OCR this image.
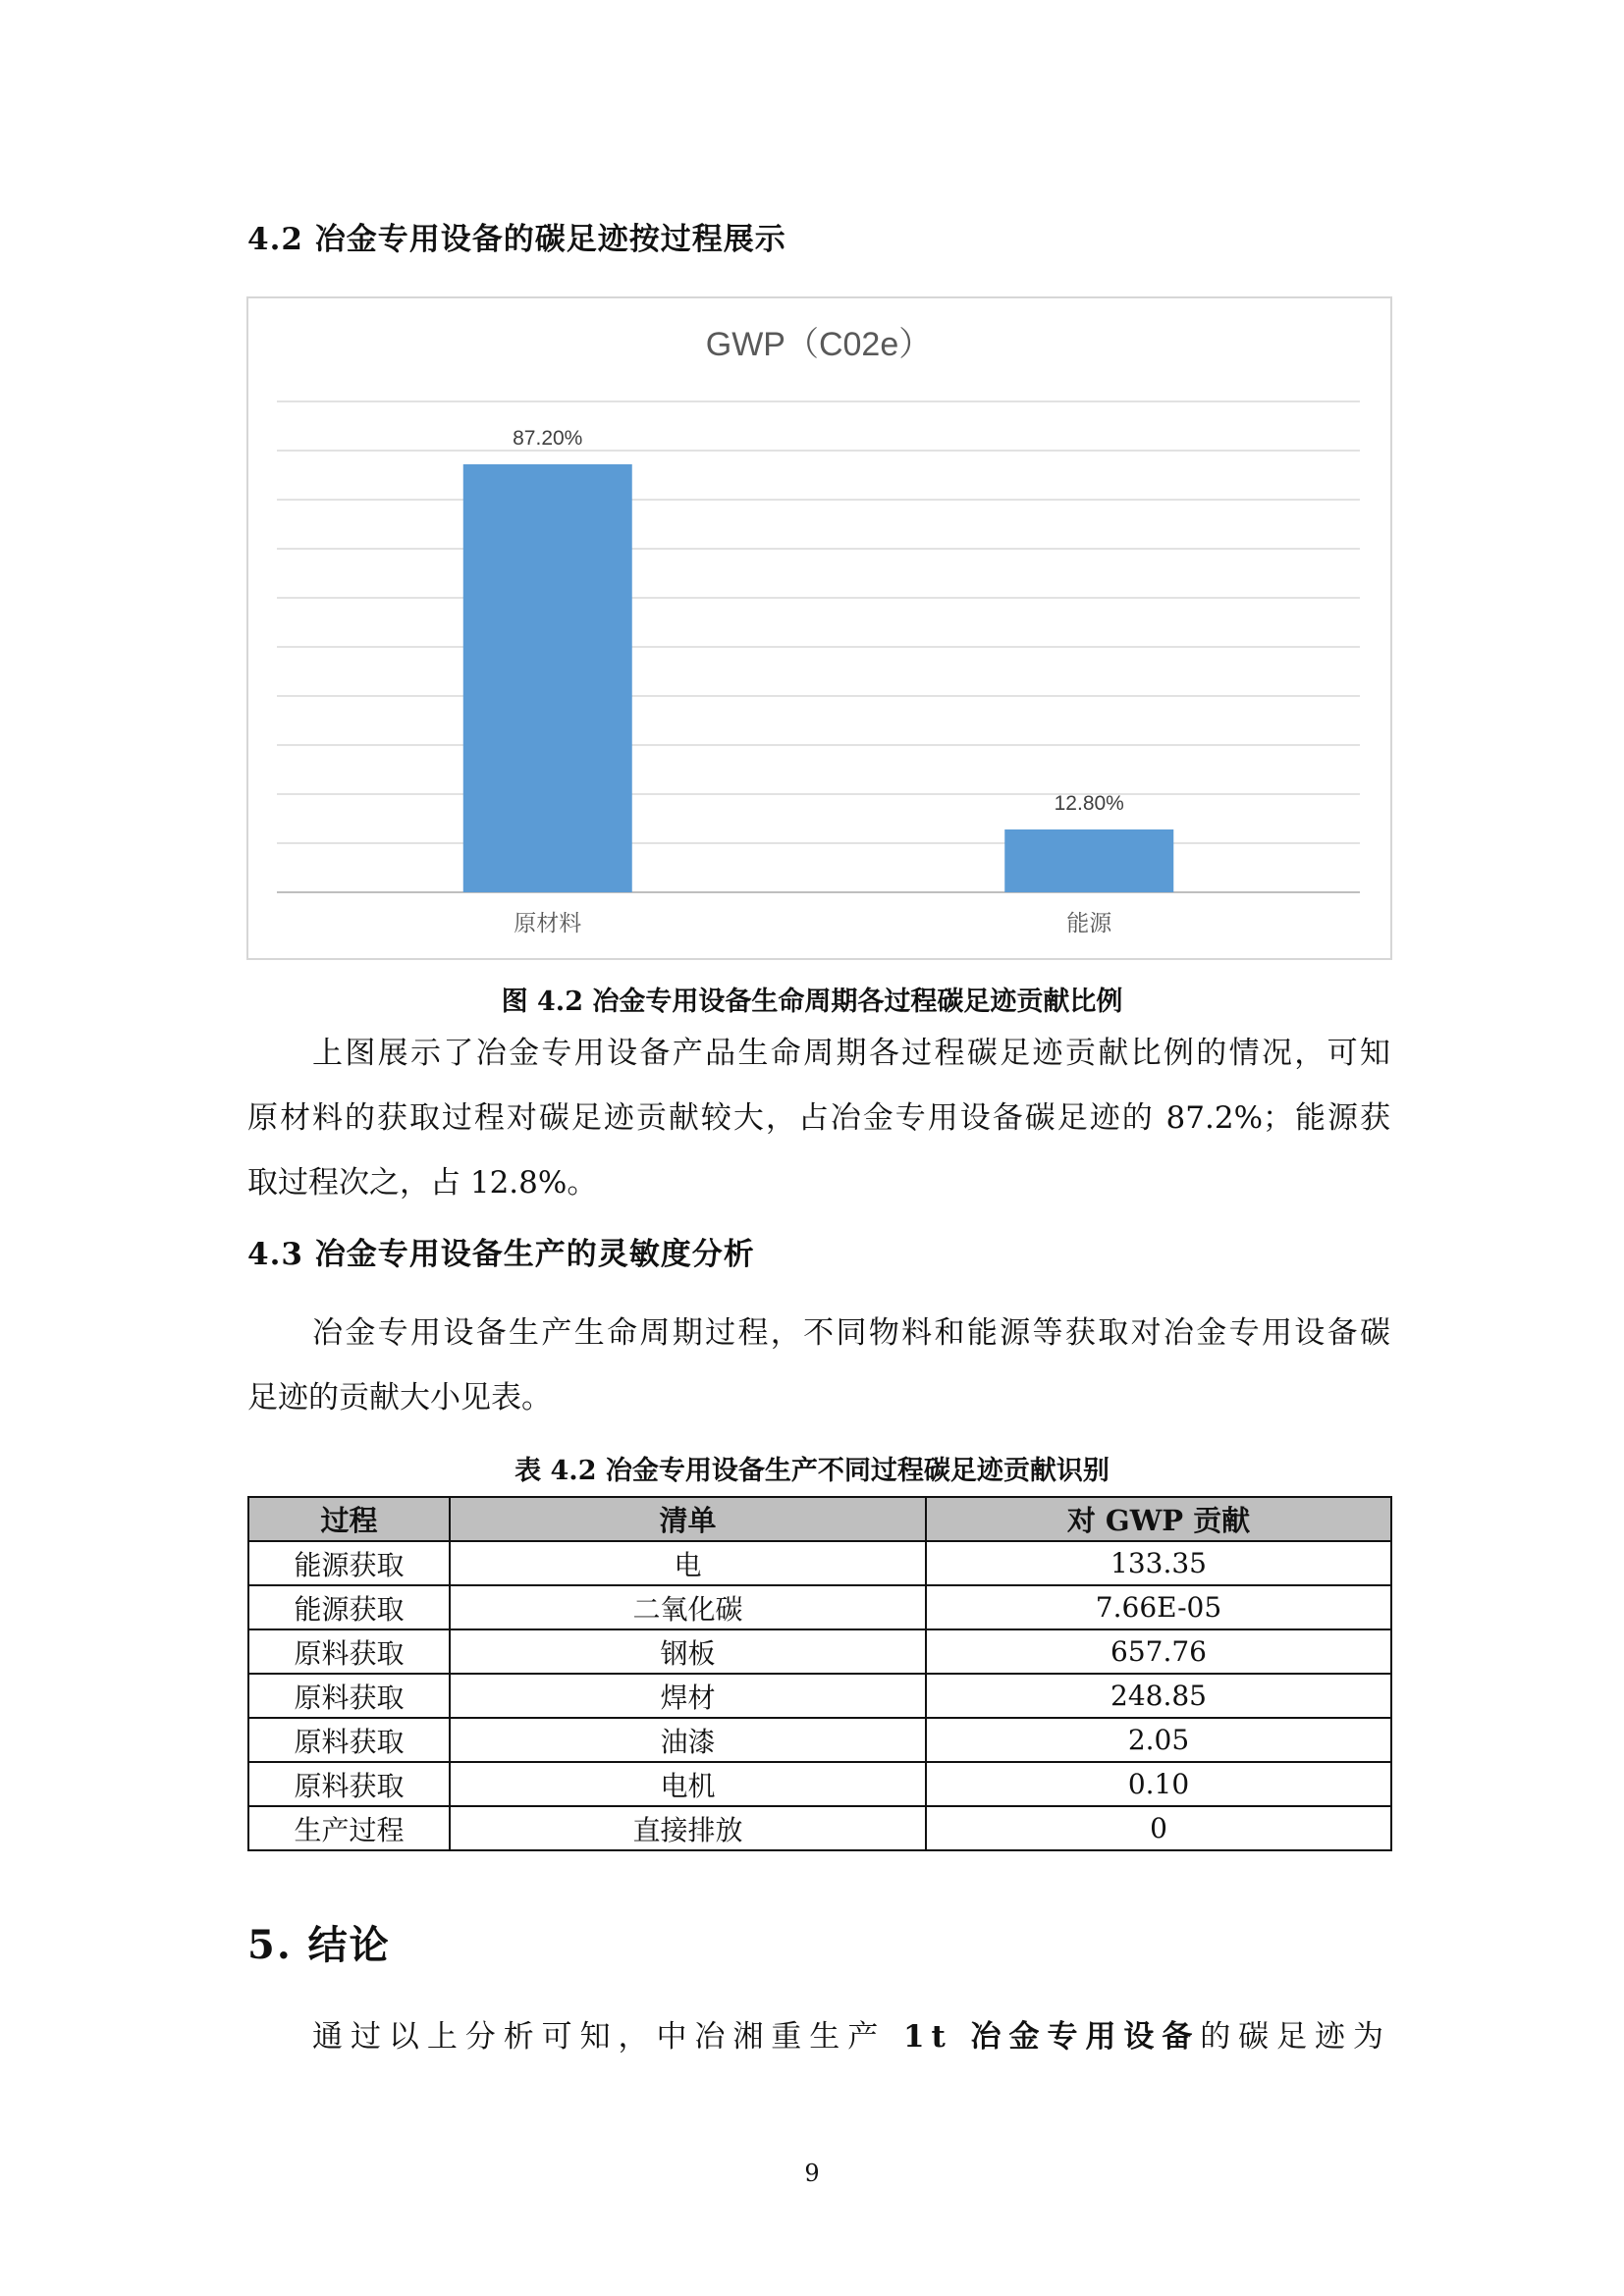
4.2 冶金专用设备的碳足迹按过程展示
87.20%
原材料
12.80%
能源
GWP（C02e）
图 4.2 冶金专用设备生命周期各过程碳足迹贡献比例
上图展示了冶金专用设备产品生命周期各过程碳足迹贡献比例的情况，可知
原材料的获取过程对碳足迹贡献较大，占冶金专用设备碳足迹的 87.2%；能源获
取过程次之，占 12.8%。
4.3 冶金专用设备生产的灵敏度分析
冶金专用设备生产生命周期过程，不同物料和能源等获取对冶金专用设备碳
足迹的贡献大小见表。
表 4.2 冶金专用设备生产不同过程碳足迹贡献识别
过程	清单	对 GWP 贡献
能源获取	电	133.35
能源获取	二氧化碳	7.66E-05
原料获取	钢板	657.76
原料获取	焊材	248.85
原料获取	油漆	2.05
原料获取	电机	0.10
生产过程	直接排放	0
5. 结论
通过以上分析可知，中冶湘重生产 1t 冶金专用设备的碳足迹为
9
